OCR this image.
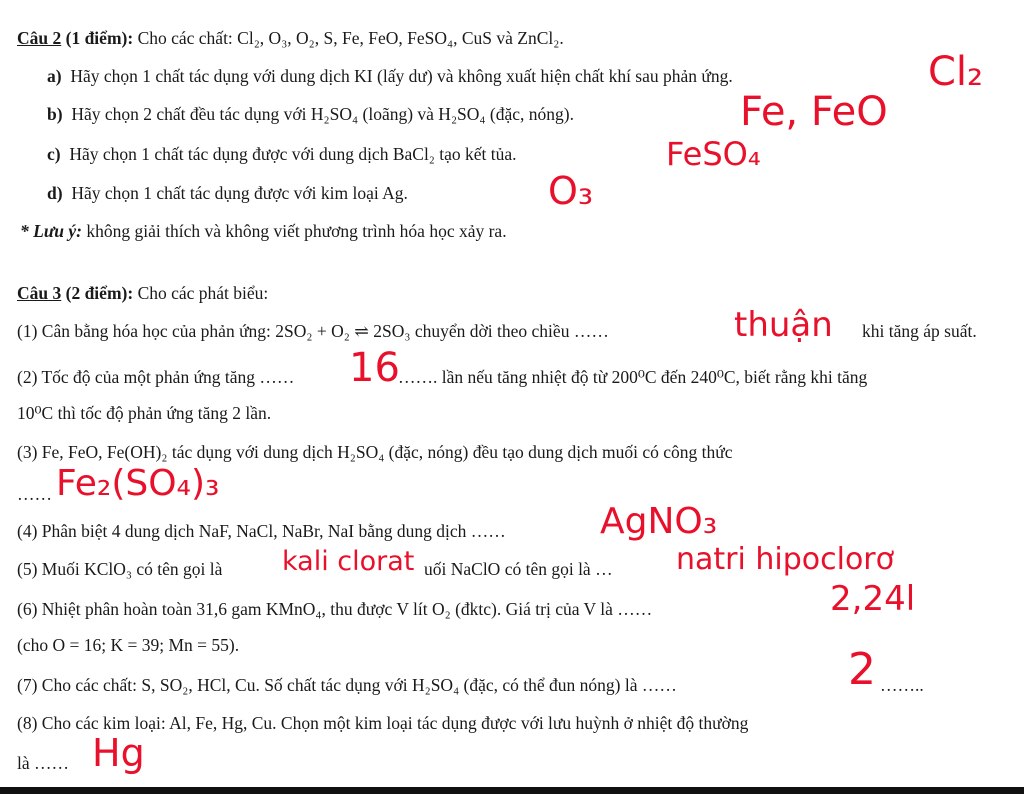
Câu 2 (1 điểm): Cho các chất: Cl₂, O₃, O₂, S, Fe, FeO, FeSO₄, CuS và ZnCl₂.
a) Hãy chọn 1 chất tác dụng với dung dịch KI (lấy dư) và không xuất hiện chất khí sau phản ứng.	Cl₂
b) Hãy chọn 2 chất đều tác dụng với H₂SO₄ (loãng) và H₂SO₄ (đặc, nóng).	Fe, FeO
c) Hãy chọn 1 chất tác dụng được với dung dịch BaCl₂ tạo kết tủa.	FeSO₄
d) Hãy chọn 1 chất tác dụng được với kim loại Ag.	O₃
* Lưu ý: không giải thích và không viết phương trình hóa học xảy ra.
Câu 3 (2 điểm): Cho các phát biểu:
(1) Cân bằng hóa học của phản ứng: 2SO₂ + O₂ ⇌ 2SO₃ chuyển dời theo chiều ……	thuận khi tăng áp suất.
(2) Tốc độ của một phản ứng tăng …… 16
……. lần nếu tăng nhiệt độ từ 200⁰C đến 240⁰C, biết rằng khi tăng
10⁰C thì tốc độ phản ứng tăng 2 lần.
(3) Fe, FeO, Fe(OH)₂ tác dụng với dung dịch H₂SO₄ (đặc, nóng) đều tạo dung dịch muối có công thức
…… Fe₂(SO₄)₃
(4) Phân biệt 4 dung dịch NaF, NaCl, NaBr, NaI bằng dung dịch ……	AgNO₃
(5) Muối KClO₃ có tên gọi là kali clorat uối NaClO có tên gọi là … natri hipoclorơ
(6) Nhiệt phân hoàn toàn 31,6 gam KMnO₄, thu được V lít O₂ (đktc). Giá trị của V là ……	2,24l
(cho O = 16; K = 39; Mn = 55).
(7) Cho các chất: S, SO₂, HCl, Cu. Số chất tác dụng với H₂SO₄ (đặc, có thể đun nóng) là ……	2 ……..
(8) Cho các kim loại: Al, Fe, Hg, Cu. Chọn một kim loại tác dụng được với lưu huỳnh ở nhiệt độ thường
là …… Hg
